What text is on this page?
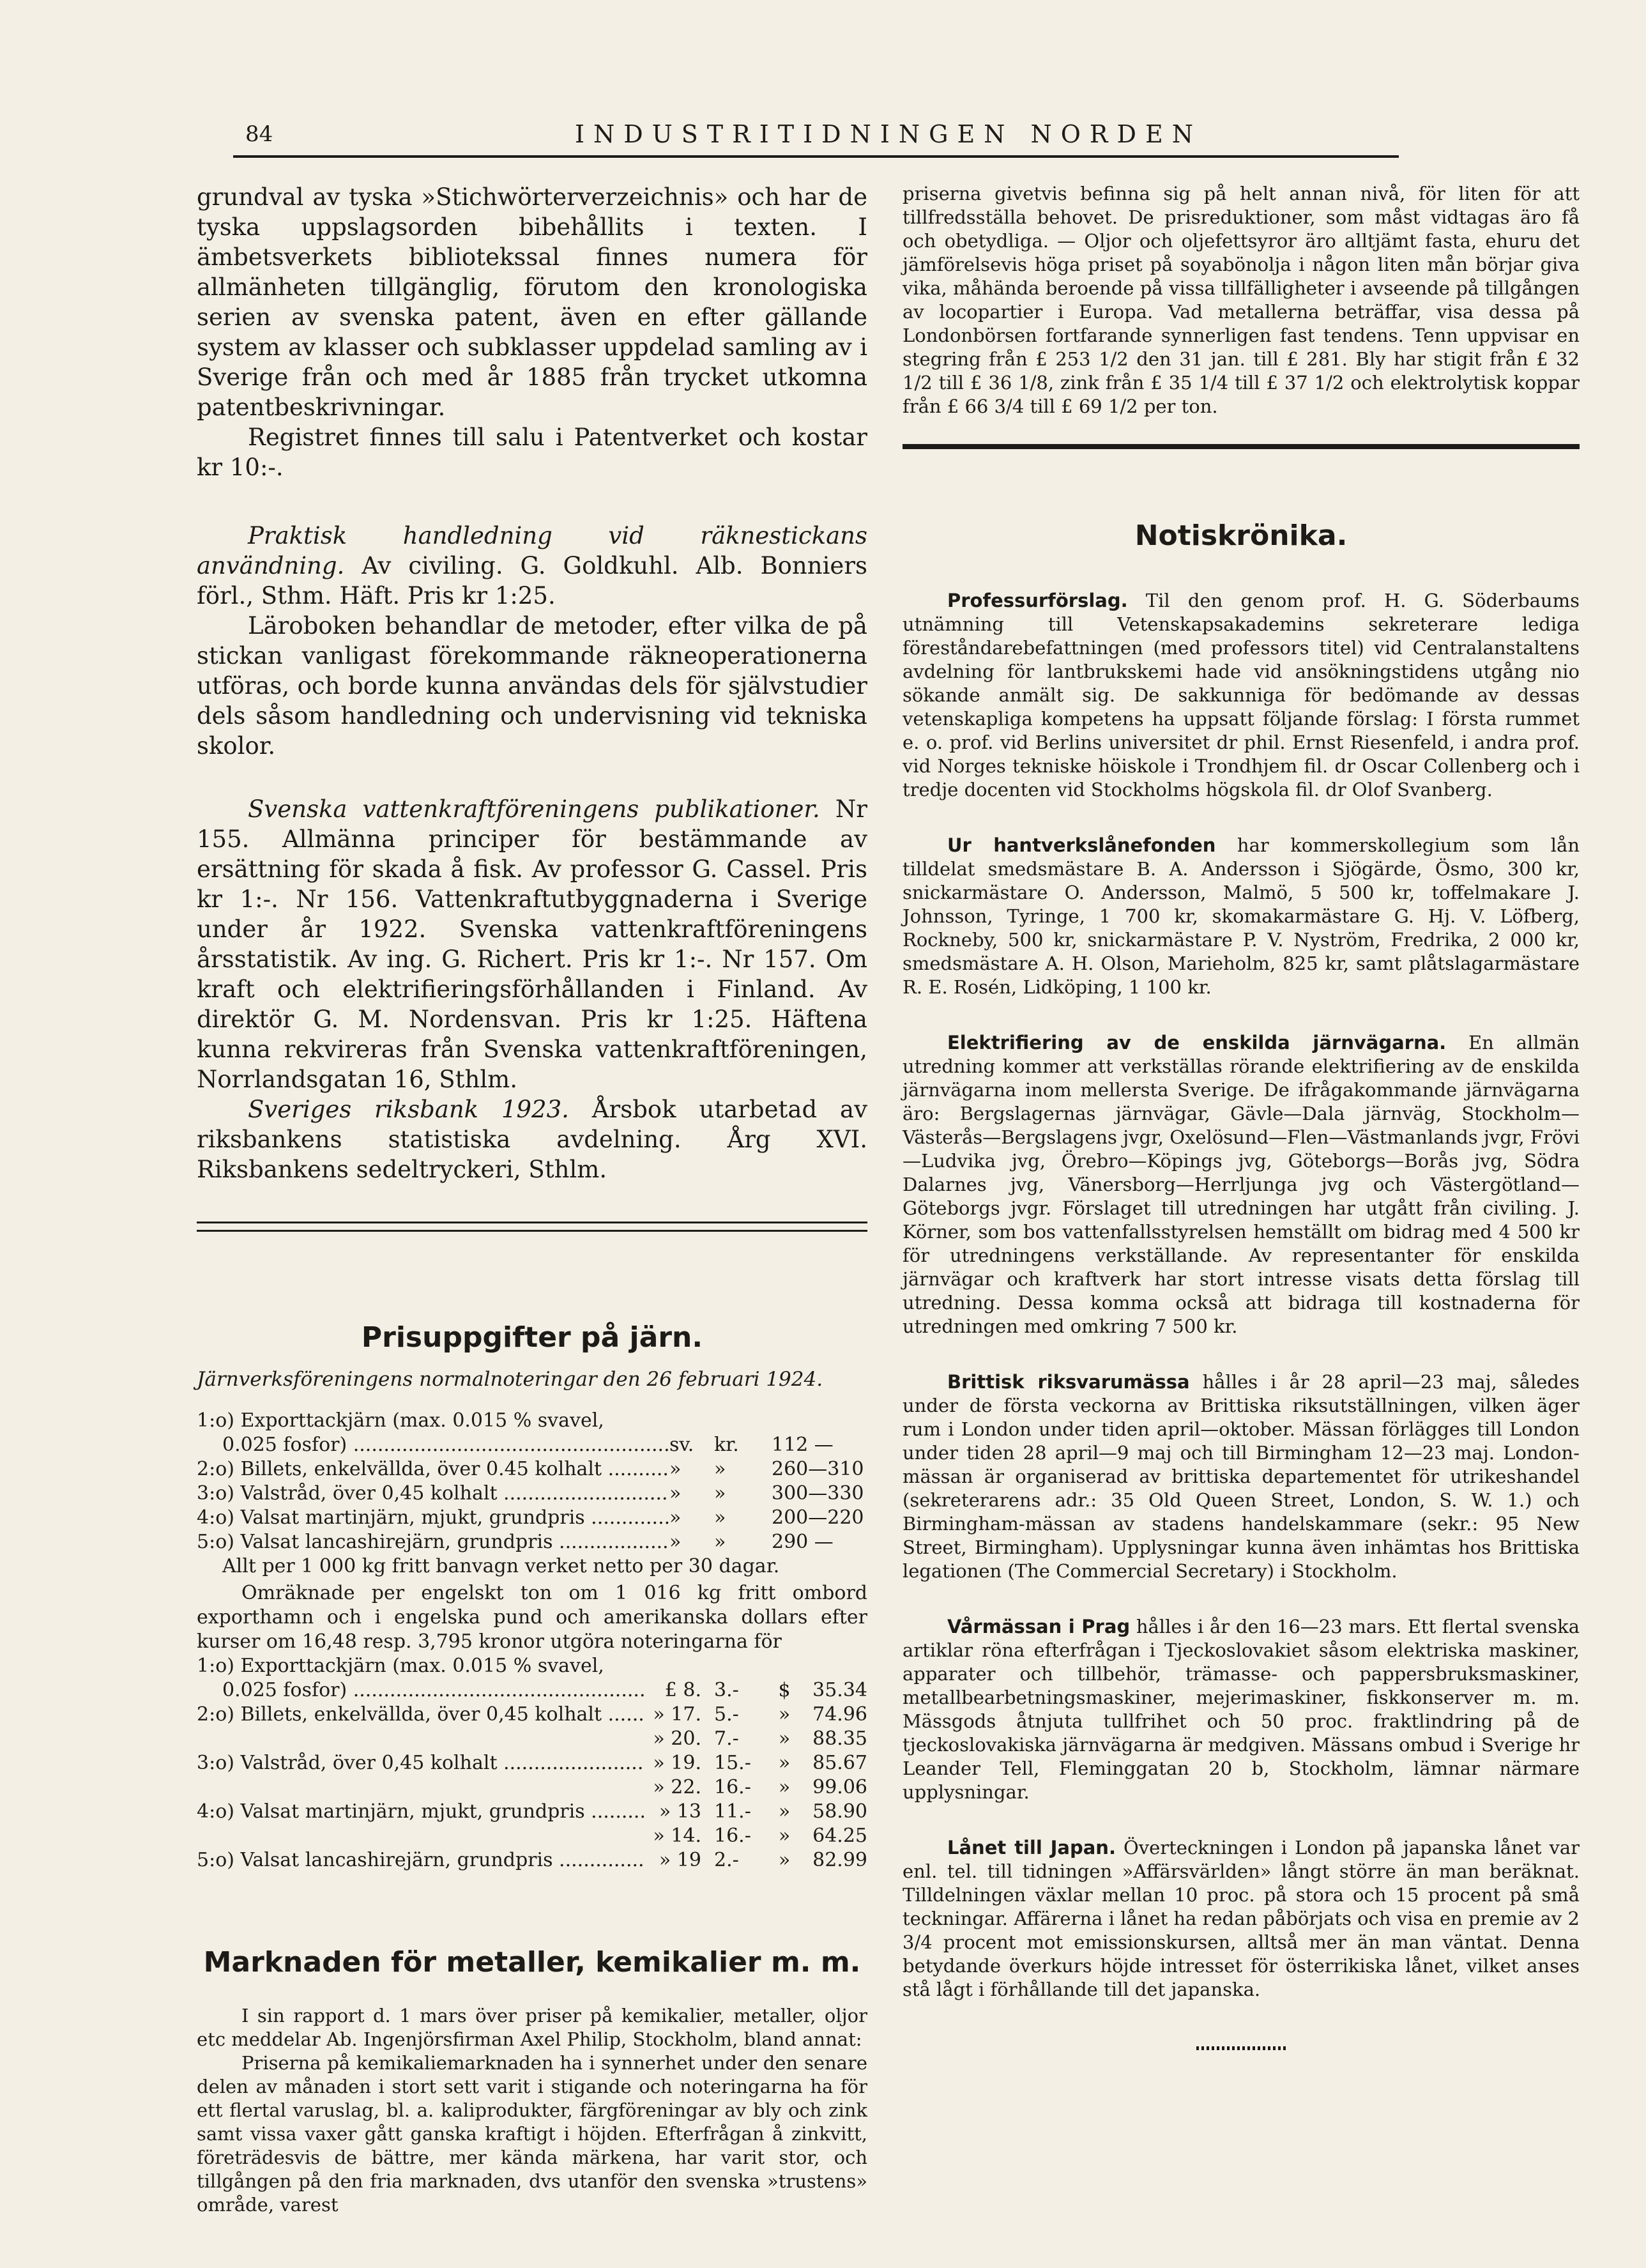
84	INDUSTRITIDNINGEN NORDEN

grundval av tyska »Stichwörterverzeichnis» och har de tyska uppslagsorden bibehållits i texten. I ämbetsverkets bibliotekssal finnes numera för allmänheten tillgänglig, förutom den kronologiska serien av svenska patent, även en efter gällande system av klasser och subklasser uppdelad samling av i Sverige från och med år 1885 från trycket utkomna patentbeskrivningar.

Registret finnes till salu i Patentverket och kostar kr 10:-.

Praktisk handledning vid räknestickans användning. Av civiling. G. Goldkuhl. Alb. Bonniers förl., Sthm. Häft. Pris kr 1:25.

Läroboken behandlar de metoder, efter vilka de på stickan vanligast förekommande räkneoperationerna utföras, och borde kunna användas dels för självstudier dels såsom handledning och undervisning vid tekniska skolor.

Svenska vattenkraftföreningens publikationer. Nr 155. Allmänna principer för bestämmande av ersättning för skada å fisk. Av professor G. Cassel. Pris kr 1:-. Nr 156. Vattenkraftutbyggnaderna i Sverige under år 1922. Svenska vattenkraftföreningens årsstatistik. Av ing. G. Richert. Pris kr 1:-. Nr 157. Om kraft och elektrifieringsförhållanden i Finland. Av direktör G. M. Nordensvan. Pris kr 1:25. Häftena kunna rekvireras från Svenska vattenkraftföreningen, Norrlandsgatan 16, Sthlm.

Sveriges riksbank 1923. Årsbok utarbetad av riksbankens statistiska avdelning. Årg XVI. Riksbankens sedeltryckeri, Sthlm.

Prisuppgifter på järn.
Järnverksföreningens normalnoteringar den 26 februari 1924.
1:o) Exporttackjärn (max. 0.015 % svavel,
0.025 fosfor) .....	sv.	kr.	112 —
2:o) Billets, enkelvällda, över 0.45 kolhalt .....	»	»	260—310
3:o) Valstråd, över 0,45 kolhalt .....	»	»	300—330
4:o) Valsat martinjärn, mjukt, grundpris .....	»	»	200—220
5:o) Valsat lancashirejärn, grundpris .....	»	»	290 —
Allt per 1 000 kg fritt banvagn verket netto per 30 dagar.

Omräknade per engelskt ton om 1 016 kg fritt ombord exporthamn och i engelska pund och amerikanska dollars efter kurser om 16,48 resp. 3,795 kronor utgöra noteringarna för

1:o) Exporttackjärn (max. 0.015 % svavel,
0.025 fosfor) .....	£ 8. 3.-	$	35.34
2:o) Billets, enkelvällda, över 0,45 kolhalt .....	» 17. 5.-	»	74.96
» 20. 7.-	»	88.35
3:o) Valstråd, över 0,45 kolhalt .....	» 19. 15.-	»	85.67
» 22. 16.-	»	99.06
4:o) Valsat martinjärn, mjukt, grundpris .....	» 13 11.-	»	58.90
» 14. 16.-	»	64.25
5:o) Valsat lancashirejärn, grundpris .....	» 19 2.-	»	82.99
Marknaden för metaller, kemikalier m. m.

I sin rapport d. 1 mars över priser på kemikalier, metaller, oljor etc meddelar Ab. Ingenjörsfirman Axel Philip, Stockholm, bland annat:

Priserna på kemikaliemarknaden ha i synnerhet under den senare delen av månaden i stort sett varit i stigande och noteringarna ha för ett flertal varuslag, bl. a. kaliprodukter, färgföreningar av bly och zink samt vissa vaxer gått ganska kraftigt i höjden. Efterfrågan å zinkvitt, företrädesvis de bättre, mer kända märkena, har varit stor, och tillgången på den fria marknaden, dvs utanför den svenska »trustens» område, varest

priserna givetvis befinna sig på helt annan nivå, för liten för att tillfredsställa behovet. De prisreduktioner, som måst vidtagas äro få och obetydliga. — Oljor och oljefettsyror äro alltjämt fasta, ehuru det jämförelsevis höga priset på soyabönolja i någon liten mån börjar giva vika, måhända beroende på vissa tillfälligheter i avseende på tillgången av locopartier i Europa. Vad metallerna beträffar, visa dessa på Londonbörsen fortfarande synnerligen fast tendens. Tenn uppvisar en stegring från £ 253 1/2 den 31 jan. till £ 281. Bly har stigit från £ 32 1/2 till £ 36 1/8, zink från £ 35 1/4 till £ 37 1/2 och elektrolytisk koppar från £ 66 3/4 till £ 69 1/2 per ton.

Notiskrönika.

Professurförslag. Til den genom prof. H. G. Söderbaums utnämning till Vetenskapsakademins sekreterare lediga föreståndarebefattningen (med professors titel) vid Centralanstaltens avdelning för lantbrukskemi hade vid ansökningstidens utgång nio sökande anmält sig. De sakkunniga för bedömande av dessas vetenskapliga kompetens ha uppsatt följande förslag: I första rummet e. o. prof. vid Berlins universitet dr phil. Ernst Riesenfeld, i andra prof. vid Norges tekniske höiskole i Trondhjem fil. dr Oscar Collenberg och i tredje docenten vid Stockholms högskola fil. dr Olof Svanberg.

Ur hantverkslånefonden har kommerskollegium som lån tilldelat smedsmästare B. A. Andersson i Sjögärde, Ösmo, 300 kr, snickarmästare O. Andersson, Malmö, 5 500 kr, toffelmakare J. Johnsson, Tyringe, 1 700 kr, skomakarmästare G. Hj. V. Löfberg, Rockneby, 500 kr, snickarmästare P. V. Nyström, Fredrika, 2 000 kr, smedsmästare A. H. Olson, Marieholm, 825 kr, samt plåtslagarmästare R. E. Rosén, Lidköping, 1 100 kr.

Elektrifiering av de enskilda järnvägarna. En allmän utredning kommer att verkställas rörande elektrifiering av de enskilda järnvägarna inom mellersta Sverige. De ifrågakommande järnvägarna äro: Bergslagernas järnvägar, Gävle—Dala järnväg, Stockholm—Västerås—Bergslagens jvgr, Oxelösund—Flen—Västmanlands jvgr, Frövi—Ludvika jvg, Örebro—Köpings jvg, Göteborgs—Borås jvg, Södra Dalarnes jvg, Vänersborg—Herrljunga jvg och Västergötland—Göteborgs jvgr. Förslaget till utredningen har utgått från civiling. J. Körner, som bos vattenfallsstyrelsen hemställt om bidrag med 4 500 kr för utredningens verkställande. Av representanter för enskilda järnvägar och kraftverk har stort intresse visats detta förslag till utredning. Dessa komma också att bidraga till kostnaderna för utredningen med omkring 7 500 kr.

Brittisk riksvarumässa hålles i år 28 april—23 maj, således under de första veckorna av Brittiska riksutställningen, vilken äger rum i London under tiden april—oktober. Mässan förlägges till London under tiden 28 april—9 maj och till Birmingham 12—23 maj. London-mässan är organiserad av brittiska departementet för utrikeshandel (sekreterarens adr.: 35 Old Queen Street, London, S. W. 1.) och Birmingham-mässan av stadens handelskammare (sekr.: 95 New Street, Birmingham). Upplysningar kunna även inhämtas hos Brittiska legationen (The Commercial Secretary) i Stockholm.

Vårmässan i Prag hålles i år den 16—23 mars. Ett flertal svenska artiklar röna efterfrågan i Tjeckoslovakiet såsom elektriska maskiner, apparater och tillbehör, trämasse- och pappersbruksmaskiner, metallbearbetningsmaskiner, mejerimaskiner, fiskkonserver m. m. Mässgods åtnjuta tullfrihet och 50 proc. fraktlindring på de tjeckoslovakiska järnvägarna är medgiven. Mässans ombud i Sverige hr Leander Tell, Fleminggatan 20 b, Stockholm, lämnar närmare upplysningar.

Lånet till Japan. Överteckningen i London på japanska lånet var enl. tel. till tidningen »Affärsvärlden» långt större än man beräknat. Tilldelningen växlar mellan 10 proc. på stora och 15 procent på små teckningar. Affärerna i lånet ha redan påbörjats och visa en premie av 2 3/4 procent mot emissionskursen, alltså mer än man väntat. Denna betydande överkurs höjde intresset för österrikiska lånet, vilket anses stå lågt i förhållande till det japanska.
